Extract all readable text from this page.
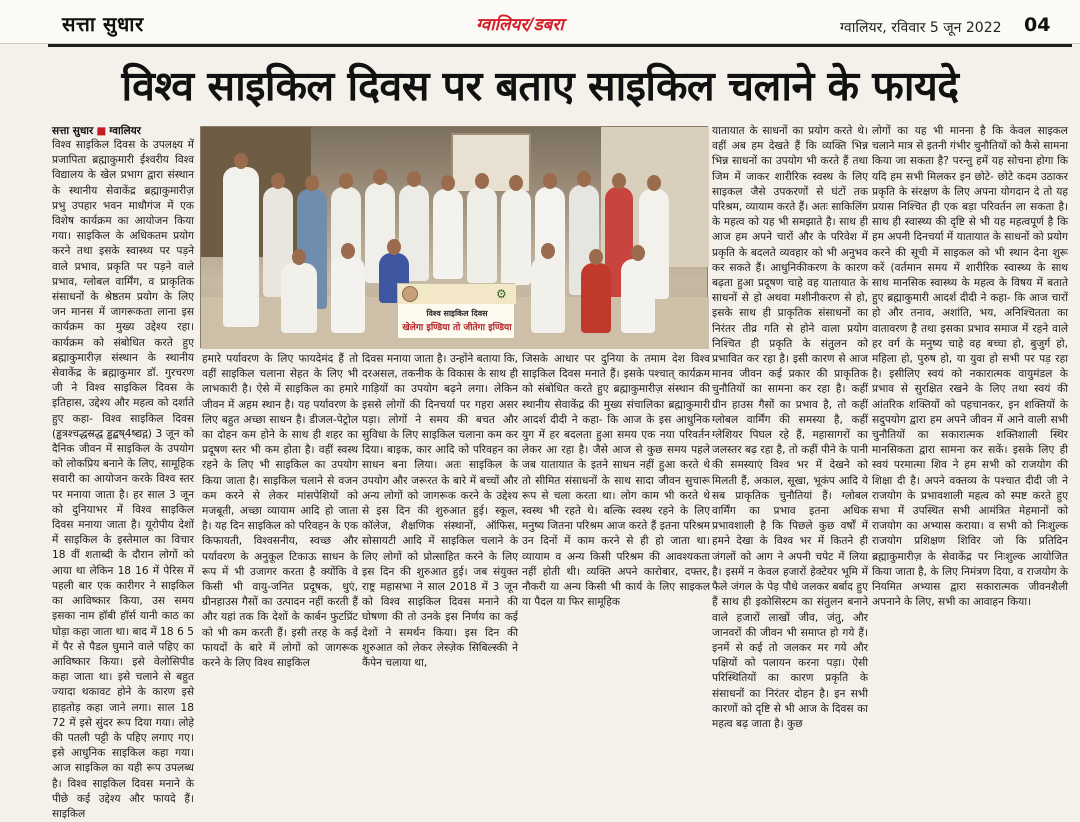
सत्ता सुधार	ग्वालियर/डबरा	ग्वालियर, रविवार 5 जून 2022 04
विश्व साइकिल दिवस पर बताए साइकिल चलाने के फायदे
सत्ता सुधार ■ ग्वालियर
विश्व साइकिल दिवस के उपलक्ष्य में प्रजापिता ब्रह्माकुमारी ईश्वरीय विश्व विद्यालय के खेल प्रभाग द्वारा संस्थान के स्थानीय सेवाकेंद्र ब्रह्माकुमारीज़ प्रभु उपहार भवन माधौगंज में एक विशेष कार्यक्रम का आयोजन किया गया। साइकिल के अधिकतम प्रयोग करने तथा इसके स्वास्थ्य पर पड़ने वाले प्रभाव, प्रकृति पर पड़ने वाले प्रभाव, ग्लोबल वार्मिंग, व प्राकृतिक संसाधनों के श्रेष्ठतम प्रयोग के लिए जन मानस में जागरूकता लाना इस कार्यक्रम का मुख्य उद्देश्य रहा। कार्यक्रम को संबोधित करते हुए ब्रह्माकुमारीज़ संस्थान के स्थानीय सेवाकेंद्र के ब्रह्माकुमार डॉ. गुरचरण जी ने विश्व साइकिल दिवस के इतिहास, उद्देश्य और महत्व को दर्शाते हुए कहा- विश्व साइकिल दिवस (ड्ढत्रश्चद्धस्रद्ध ड्ढद्बष्4ष्द्यद्ग) 3 जून को दैनिक जीवन में साइकिल के उपयोग को लोकप्रिय बनाने के लिए, सामूहिक सवारी का आयोजन करके विश्व स्तर पर मनाया जाता है। हर साल 3 जून को दुनियाभर में विश्व साइकिल दिवस मनाया जाता है। यूरोपीय देशों में साइकिल के इस्तेमाल का विचार 18 वीं शताब्दी के दौरान लोगों को आया था लेकिन 18 16 में पेरिस में पहली बार एक कारीगर ने साइकिल का आविष्कार किया, उस समय इसका नाम हॉबी हॉर्स यानी काठ का घोड़ा कहा जाता था। बाद में 18 6 5 में पैर से पैडल घुमाने वाले पहिए का आविष्कार किया। इसे वेलोसिपीड कहा जाता था। इसे चलाने से बहुत ज्यादा थकावट होने के कारण इसे हाड़तोड़ कहा जाने लगा। साल 18 72 में इसे सुंदर रूप दिया गया। लोहे की पतली पट्टी के पहिए लगाए गए। इसे आधुनिक साइकिल कहा गया। आज साइकिल का यही रूप उपलब्ध है। विश्व साइकिल दिवस मनाने के पीछे कई उद्देश्य और फायदे हैं। साइकिल
⚙
विश्व साइकिल दिवस
खेलेगा इण्डिया तो जीतेगा इण्डिया
हमारे पर्यावरण के लिए फायदेमंद हैं तो वहीं साइकिल चलाना सेहत के लिए भी लाभकारी है। ऐसे में साइकिल का हमारे जीवन में अहम स्थान है। यह पर्यावरण के लिए बहुत अच्छा साधन है। डीजल-पेट्रोल का दोहन कम होने के साथ ही शहर का प्रदूषण स्तर भी कम होता है। वहीं स्वस्थ रहने के लिए भी साइकिल का उपयोग किया जाता है। साइकिल चलाने से वजन कम करने से लेकर मांसपेशियों को मजबूती, अच्छा व्यायाम आदि हो जाता है। यह दिन साइकिल को परिवहन के एक किफायती, विश्वसनीय, स्वच्छ और पर्यावरण के अनुकूल टिकाऊ साधन के रूप में भी उजागर करता है क्योंकि वे किसी भी वायु-जनित प्रदूषक, धुएं, ग्रीनहाउस गैसों का उत्पादन नहीं करती हैं और यहां तक कि देशों के कार्बन फुटप्रिंट को भी कम करती हैं। इसी तरह के कई फायदों के बारे में लोगों को जागरूक करने के लिए विश्व साइकिल
दिवस मनाया जाता है। उन्होंने बताया कि, दरअसल, तकनीक के विकास के साथ ही गाड़ियों का उपयोग बढ़ने लगा। लेकिन इससे लोगों की दिनचर्या पर गहरा असर पड़ा। लोगों ने समय की बचत और सुविधा के लिए साइकिल चलाना कम कर दिया। बाइक, कार आदि को परिवहन का साधन बना लिया। अतः साइकिल के उपयोग और जरूरत के बारे में बच्चों और अन्य लोगों को जागरूक करने के उद्देश्य से इस दिन की शुरुआत हुई। स्कूल, कॉलेज, शैक्षणिक संस्थानों, ऑफिस, सोसायटी आदि में साइकिल चलाने के लिए लोगों को प्रोत्साहित करने के लिए इस दिन की शुरुआत हुई। जब संयुक्त राष्ट्र महासभा ने साल 2018 में 3 जून को विश्व साइकिल दिवस मनाने की घोषणा की तो उनके इस निर्णय का कई देशों ने समर्थन किया। इस दिन की शुरुआत को लेकर लेस्ज़ेक सिबिल्स्की ने कैंपेन चलाया था,
जिसके आधार पर दुनिया के तमाम देश विश्व साइकिल दिवस मनाते हैं। इसके पश्चात् कार्यक्रम को संबोधित करते हुए ब्रह्माकुमारीज़ संस्थान की स्थानीय सेवाकेंद्र की मुख्य संचालिका ब्रह्माकुमारी आदर्श दीदी ने कहा- कि आज के इस आधुनिक युग में हर बदलता हुआ समय एक नया परिवर्तन लेकर आ रहा है। जैसे आज से कुछ समय पहले जब यातायात के इतने साधन नहीं हुआ करते थे तो सीमित संसाधनों के साथ सादा जीवन सुचारू रूप से चला करता था। लोग काम भी करते थे स्वस्थ भी रहते थे। बल्कि स्वस्थ रहने के लिए मनुष्य जितना परिश्रम आज करते हैं इतना परिश्रम उन दिनों में काम करने से ही हो जाता था। व्यायाम व अन्य किसी परिश्रम की आवश्यकता नहीं होती थी। व्यक्ति अपने कारोबार, दफ्तर, नौकरी या अन्य किसी भी कार्य के लिए साइकल या पैदल या फिर सामूहिक
यातायात के साधनों का प्रयोग करते थे। वहीं अब हम देखते हैं कि व्यक्ति भिन्न भिन्न साधनों का उपयोग भी करते हैं तथा जिम में जाकर शारीरिक स्वस्थ के लिए साइकल जैसे उपकरणों से घंटों तक परिश्रम, व्यायाम करते हैं। अतः साकिलिंग के महत्व को यह भी समझाते है। साथ ही आज हम अपने चारों और के परिवेश में प्रकृति के बदलते व्यवहार को भी अनुभव कर सकते हैं। आधुनिकीकरण के कारण बढ़ता हुआ प्रदूषण चाहे वह यातायात के साधनों से हो अथवा मशीनीकरण से हो, इसके साथ ही प्राकृतिक संसाधनों का निरंतर तीव्र गति से होने वाला प्रयोग निश्चित ही प्रकृति के संतुलन को प्रभावित कर रहा है। इसी कारण से आज मानव जीवन कई प्रकार की प्राकृतिक चुनौतियों का सामना कर रहा है। कहीं ग्रीन हाउस गैसों का प्रभाव है, तो कहीं ग्लोबल वार्मिंग की समस्या है, कहीं ग्लेशियर पिघल रहे हैं, महासागरों का जलस्तर बढ़ रहा है, तो कहीं पीने के पानी की समस्याएं विश्व भर में देखने को मिलती हैं, अकाल, सूखा, भूकंप आदि ये सब प्राकृतिक चुनौतियां हैं। ग्लोबल वार्मिंग का प्रभाव इतना अधिक प्रभावशाली है कि पिछले कुछ वर्षों में हमने देखा के विश्व भर में कितने ही जंगलों को आग ने अपनी चपेट में लिया है। इसमें न केवल हजारों हेक्टेयर भूमि में फैले जंगल के पेड़ पौधे जलकर बर्बाद हुए हैं साथ ही इकोसिस्टम का संतुलन बनाने वाले हजारों लाखों जीव, जंतु, और जानवरों की जीवन भी समाप्त हो गये हैं। इनमें से कई तो जलकर मर गये और पक्षियों को पलायन करना पड़ा। ऐसी परिस्थितियों का कारण प्रकृति के संसाधनों का निरंतर दोहन है। इन सभी कारणों को दृष्टि से भी आज के दिवस का महत्व बढ़ जाता है। कुछ
लोगों का यह भी मानना है कि केवल साइकल चलाने मात्र से इतनी गंभीर चुनौतियों को कैसे सामना किया जा सकता है? परन्तु हमें यह सोचना होगा कि यदि हम सभी मिलकर इन छोटे- छोटे कदम उठाकर प्रकृति के संरक्षण के लिए अपना योगदान दे तो यह प्रयास निश्चित ही एक बड़ा परिवर्तन ला सकता है। साथ ही स्वास्थ्य की दृष्टि से भी यह महत्वपूर्ण है कि हम अपनी दिनचर्या में यातायात के साधनों को प्रयोग करने की सूची में साइकल को भी स्थान देना शुरू करें (वर्तमान समय में शारीरिक स्वास्थ्य के साथ साथ मानसिक स्वास्थ्य के महत्व के विषय में बताते हुए ब्रह्माकुमारी आदर्श दीदी ने कहा- कि आज चारों हो और तनाव, अशांति, भय, अनिश्चितता का वातावरण है तथा इसका प्रभाव समाज में रहने वाले हर वर्ग के मनुष्य चाहे वह बच्चा हो, बुजुर्ग हो, महिला हो, पुरुष हो, या युवा हो सभी पर पड़ रहा है। इसीलिए स्वयं को नकारात्मक वायुमंडल के प्रभाव से सुरक्षित रखने के लिए तथा स्वयं की आंतरिक शक्तियों को पहचानकर, इन शक्तियों के सदुपयोग द्वारा हम अपने जीवन में आने वाली सभी चुनौतियों का सकारात्मक शक्तिशाली स्थिर मानसिकता द्वारा सामना कर सकें। इसके लिए ही स्वयं परमात्मा शिव ने हम सभी को राजयोग की शिक्षा दी है। अपने वक्तव्य के पश्चात दीदी जी ने राजयोग के प्रभावशाली महत्व को स्पष्ट करते हुए सभा में उपस्थित सभी आमंत्रित मेहमानों को राजयोग का अभ्यास कराया। व सभी को निःशुल्क राजयोग प्रशिक्षण शिविर जो कि प्रतिदिन ब्रह्माकुमारीज़ के सेवाकेंद्र पर निःशुल्क आयोजित किया जाता है, के लिए निमंत्रण दिया, व राजयोग के नियमित अभ्यास द्वारा सकारात्मक जीवनशैली अपनाने के लिए, सभी का आवाहन किया।
